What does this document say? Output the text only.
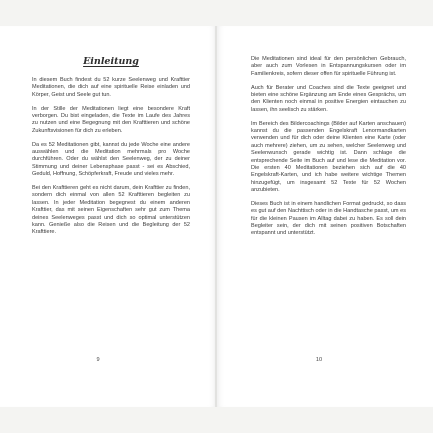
Einleitung

In diesem Buch findest du 52 kurze Seelenweg und Krafttier Meditationen, die dich auf eine spirituelle Reise einladen und Körper, Geist und Seele gut tun.

In der Stille der Meditationen liegt eine besondere Kraft verborgen. Du bist eingeladen, die Texte im Laufe des Jahres zu nutzen und eine Begegnung mit den Krafttieren und schöne Zukunftsvisionen für dich zu erleben.

Da es 52 Meditationen gibt, kannst du jede Woche eine andere auswählen und die Meditation mehrmals pro Woche durchführen. Oder du wählst den Seelenweg, der zu deiner Stimmung und deiner Lebensphase passt - sei es Abschied, Geduld, Hoffnung, Schöpferkraft, Freude und vieles mehr.

Bei den Krafttieren geht es nicht darum, dein Krafttier zu finden, sondern dich einmal von allen 52 Krafttieren begleiten zu lassen. In jeder Meditation begegnest du einem anderen Krafttier, das mit seinen Eigenschaften sehr gut zum Thema deines Seelenweges passt und dich so optimal unterstützen kann. Genieße also die Reisen und die Begleitung der 52 Krafttiere.

9

Die Meditationen sind ideal für den persönlichen Gebrauch, aber auch zum Vorlesen in Entspannungskursen oder im Familienkreis, sofern dieser offen für spirituelle Führung ist.

Auch für Berater und Coaches sind die Texte geeignet und bieten eine schöne Ergänzung am Ende eines Gesprächs, um den Klienten noch einmal in positive Energien eintauchen zu lassen, ihn seelisch zu stärken.

Im Bereich des Bildercoachings (Bilder auf Karten anschauen) kannst du die passenden Engelskraft Lenormandkarten verwenden und für dich oder deine Klienten eine Karte (oder auch mehrere) ziehen, um zu sehen, welcher Seelenweg und Seelenwunsch gerade wichtig ist. Dann schlage die entsprechende Seite im Buch auf und lese die Meditation vor. Die ersten 40 Meditationen beziehen sich auf die 40 Engelskraft-Karten, und ich habe weitere wichtige Themen hinzugefügt, um insgesamt 52 Texte für 52 Wochen anzubieten.

Dieses Buch ist in einem handlichen Format gedruckt, so dass es gut auf den Nachttisch oder in die Handtasche passt, um es für die kleinen Pausen im Alltag dabei zu haben. Es soll dein Begleiter sein, der dich mit seinen positiven Botschaften entspannt und unterstützt.

10
